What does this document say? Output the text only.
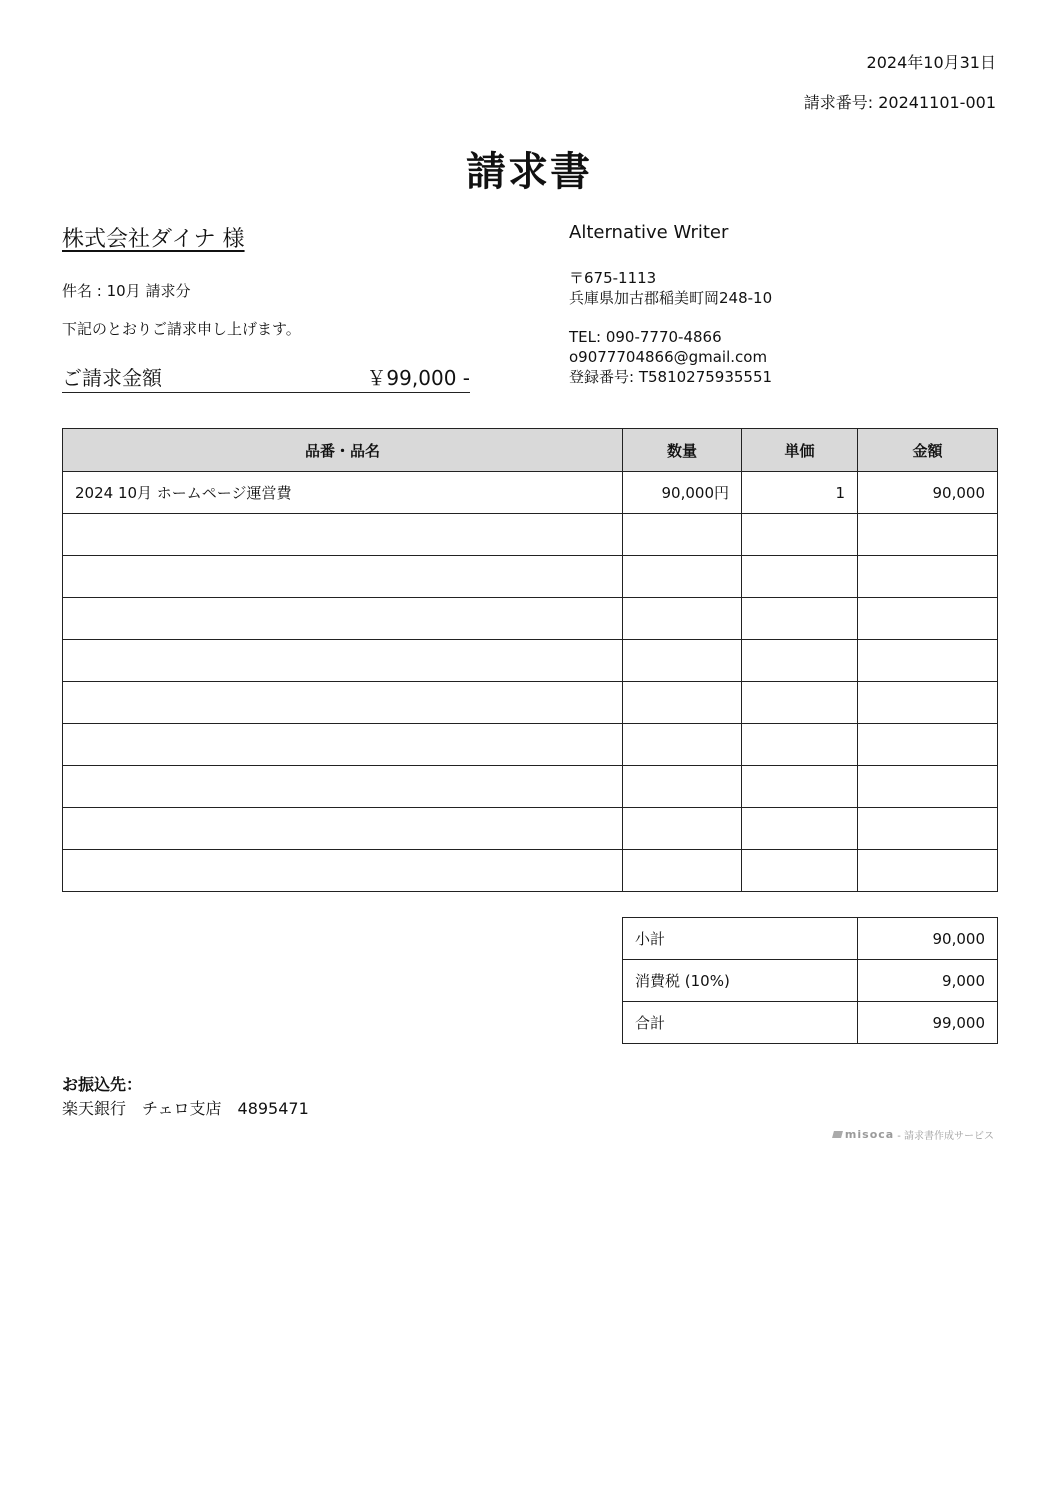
2024年10月31日
請求番号: 20241101-001
請求書
株式会社ダイナ 様
件名 : 10月 請求分
下記のとおりご請求申し上げます。
ご請求金額	￥99,000 -
Alternative Writer
〒675-1113
兵庫県加古郡稲美町岡248-10
TEL: 090-7770-4866
o9077704866@gmail.com
登録番号: T5810275935551
品番・品名	数量	単価	金額
2024 10月 ホームページ運営費	90,000円	1	90,000

小計	90,000
消費税 (10%)	9,000
合計	99,000
お振込先：
楽天銀行　チェロ支店　4895471
misoca - 請求書作成サービス
